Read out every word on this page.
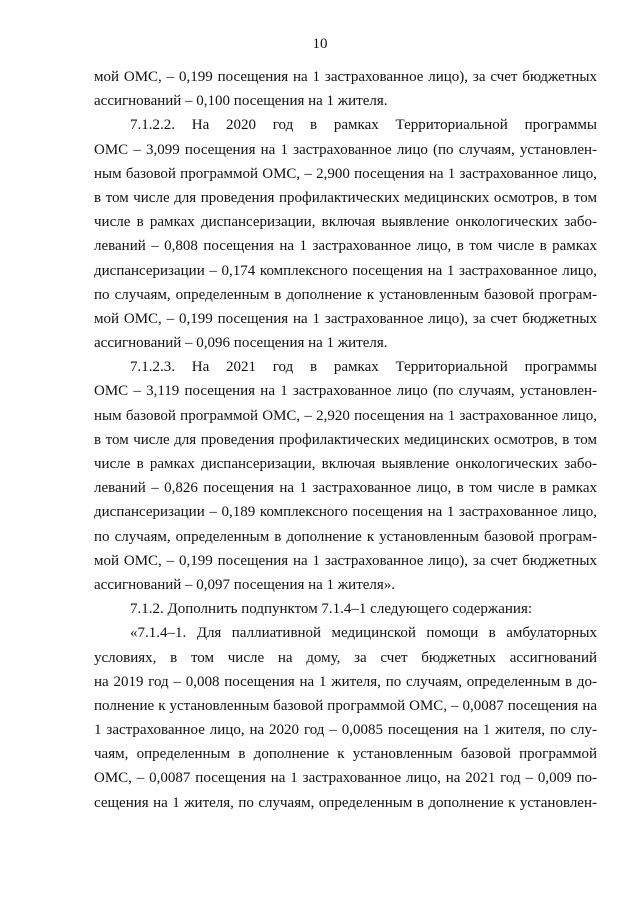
10
мой ОМС, – 0,199 посещения на 1 застрахованное лицо), за счет бюджетных
ассигнований – 0,100 посещения на 1 жителя.
7.1.2.2. На 2020 год в рамках Территориальной программы
ОМС – 3,099 посещения на 1 застрахованное лицо (по случаям, установлен-
ным базовой программой ОМС, – 2,900 посещения на 1 застрахованное лицо,
в том числе для проведения профилактических медицинских осмотров, в том
числе в рамках диспансеризации, включая выявление онкологических забо-
леваний – 0,808 посещения на 1 застрахованное лицо, в том числе в рамках
диспансеризации – 0,174 комплексного посещения на 1 застрахованное лицо,
по случаям, определенным в дополнение к установленным базовой програм-
мой ОМС, – 0,199 посещения на 1 застрахованное лицо), за счет бюджетных
ассигнований – 0,096 посещения на 1 жителя.
7.1.2.3. На 2021 год в рамках Территориальной программы
ОМС – 3,119 посещения на 1 застрахованное лицо (по случаям, установлен-
ным базовой программой ОМС, – 2,920 посещения на 1 застрахованное лицо,
в том числе для проведения профилактических медицинских осмотров, в том
числе в рамках диспансеризации, включая выявление онкологических забо-
леваний – 0,826 посещения на 1 застрахованное лицо, в том числе в рамках
диспансеризации – 0,189 комплексного посещения на 1 застрахованное лицо,
по случаям, определенным в дополнение к установленным базовой програм-
мой ОМС, – 0,199 посещения на 1 застрахованное лицо), за счет бюджетных
ассигнований – 0,097 посещения на 1 жителя».
7.1.2. Дополнить подпунктом 7.1.4–1 следующего содержания:
«7.1.4–1. Для паллиативной медицинской помощи в амбулаторных
условиях, в том числе на дому, за счет бюджетных ассигнований
на 2019 год – 0,008 посещения на 1 жителя, по случаям, определенным в до-
полнение к установленным базовой программой ОМС, – 0,0087 посещения на
1 застрахованное лицо, на 2020 год – 0,0085 посещения на 1 жителя, по слу-
чаям, определенным в дополнение к установленным базовой программой
ОМС, – 0,0087 посещения на 1 застрахованное лицо, на 2021 год – 0,009 по-
сещения на 1 жителя, по случаям, определенным в дополнение к установлен-
